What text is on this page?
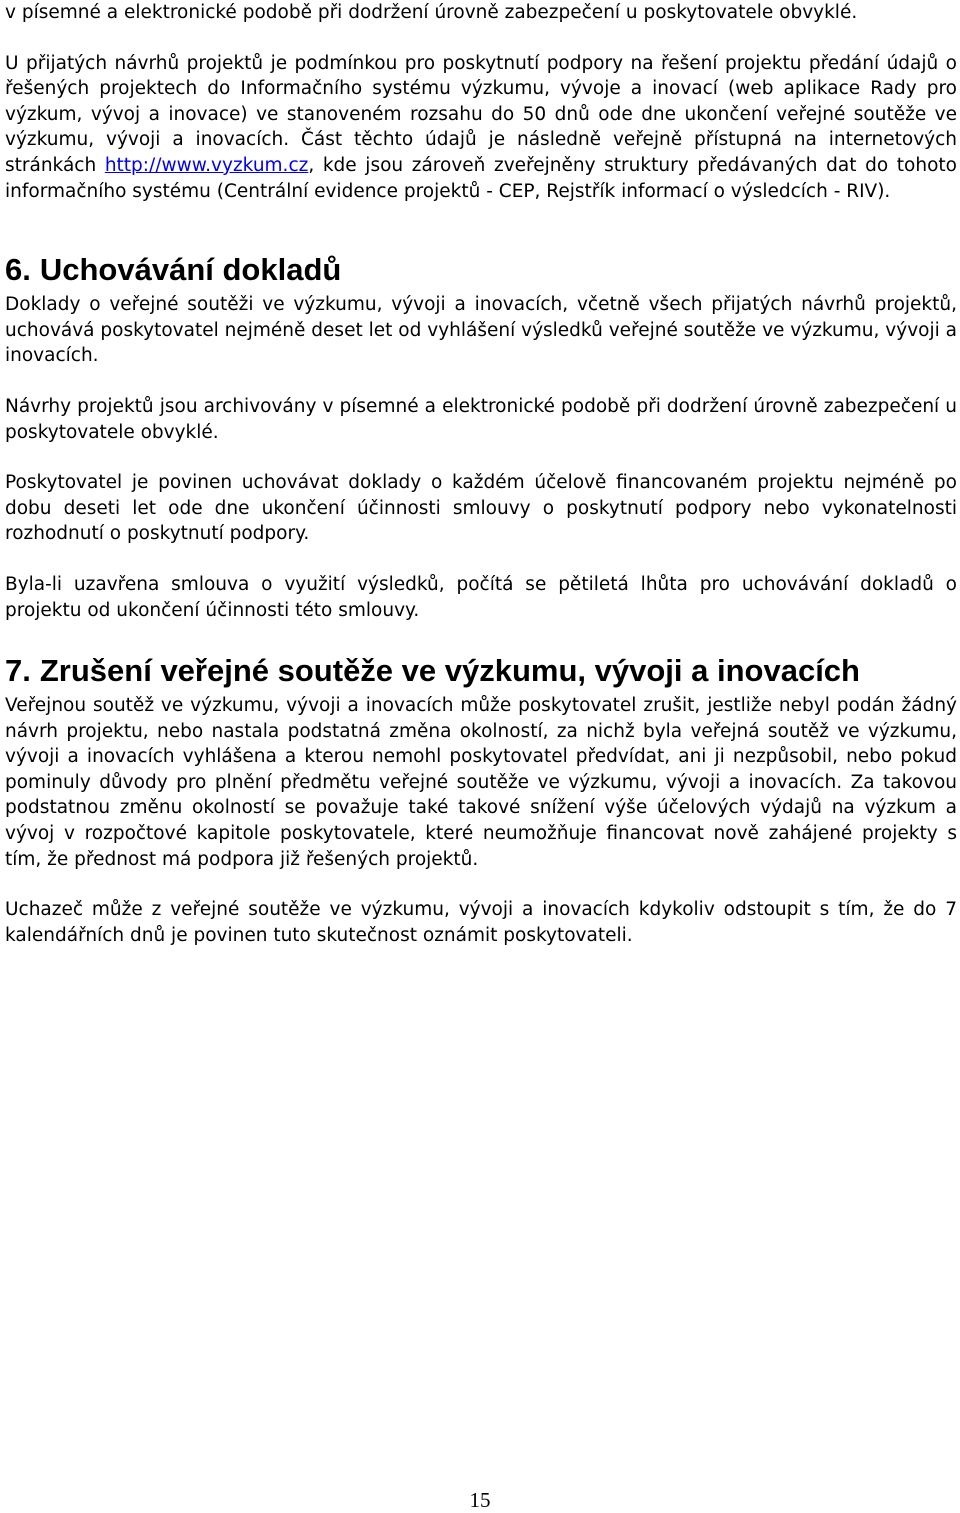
v písemné a elektronické podobě při dodržení úrovně zabezpečení u poskytovatele obvyklé.

U přijatých návrhů projektů je podmínkou pro poskytnutí podpory na řešení projektu předání údajů o řešených projektech do Informačního systému výzkumu, vývoje a inovací (web aplikace Rady pro výzkum, vývoj a inovace) ve stanoveném rozsahu do 50 dnů ode dne ukončení veřejné soutěže ve výzkumu, vývoji a inovacích. Část těchto údajů je následně veřejně přístupná na internetových stránkách http://www.vyzkum.cz, kde jsou zároveň zveřejněny struktury předávaných dat do tohoto informačního systému (Centrální evidence projektů - CEP, Rejstřík informací o výsledcích - RIV).

6. Uchovávání dokladů

Doklady o veřejné soutěži ve výzkumu, vývoji a inovacích, včetně všech přijatých návrhů projektů, uchovává poskytovatel nejméně deset let od vyhlášení výsledků veřejné soutěže ve výzkumu, vývoji a inovacích.

Návrhy projektů jsou archivovány v písemné a elektronické podobě při dodržení úrovně zabezpečení u poskytovatele obvyklé.

Poskytovatel je povinen uchovávat doklady o každém účelově financovaném projektu nejméně po dobu deseti let ode dne ukončení účinnosti smlouvy o poskytnutí podpory nebo vykonatelnosti rozhodnutí o poskytnutí podpory.

Byla-li uzavřena smlouva o využití výsledků, počítá se pětiletá lhůta pro uchovávání dokladů o projektu od ukončení účinnosti této smlouvy.

7. Zrušení veřejné soutěže ve výzkumu, vývoji a inovacích

Veřejnou soutěž ve výzkumu, vývoji a inovacích může poskytovatel zrušit, jestliže nebyl podán žádný návrh projektu, nebo nastala podstatná změna okolností, za nichž byla veřejná soutěž ve výzkumu, vývoji a inovacích vyhlášena a kterou nemohl poskytovatel předvídat, ani ji nezpůsobil, nebo pokud pominuly důvody pro plnění předmětu veřejné soutěže ve výzkumu, vývoji a inovacích. Za takovou podstatnou změnu okolností se považuje také takové snížení výše účelových výdajů na výzkum a vývoj v rozpočtové kapitole poskytovatele, které neumožňuje financovat nově zahájené projekty s tím, že přednost má podpora již řešených projektů.

Uchazeč může z veřejné soutěže ve výzkumu, vývoji a inovacích kdykoliv odstoupit s tím, že do 7 kalendářních dnů je povinen tuto skutečnost oznámit poskytovateli.

15
